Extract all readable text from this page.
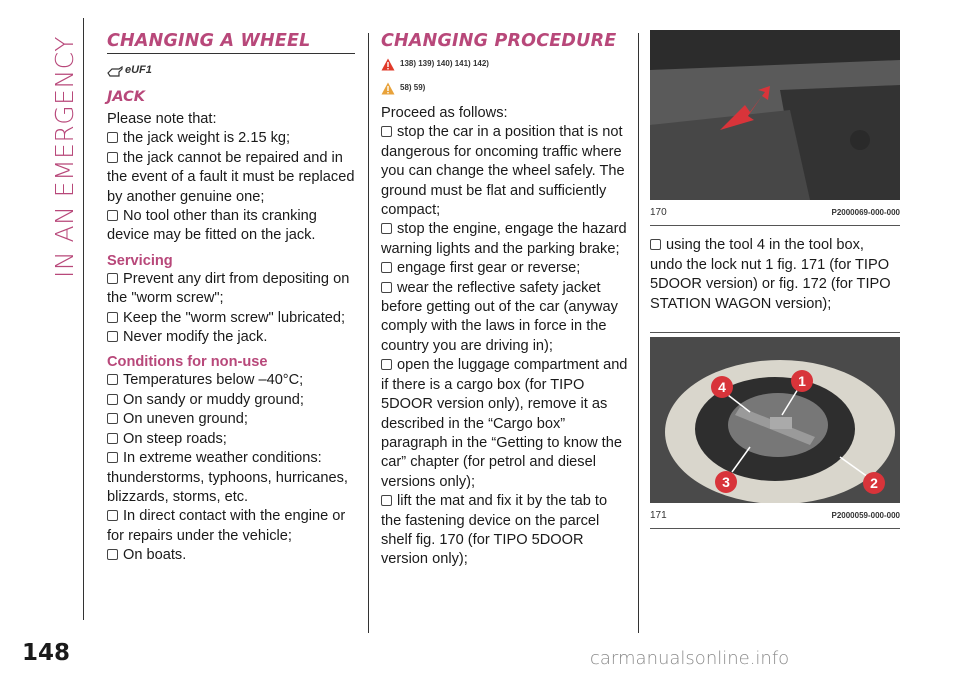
IN AN EMERGENCY
148
CHANGING A WHEEL
eUF1
JACK

Please note that:

the jack weight is 2.15 kg;

the jack cannot be repaired and in the event of a fault it must be replaced by another genuine one;

No tool other than its cranking device may be fitted on the jack.

Servicing

Prevent any dirt from depositing on the "worm screw";

Keep the "worm screw" lubricated;

Never modify the jack.

Conditions for non-use

Temperatures below –40°C;

On sandy or muddy ground;

On uneven ground;

On steep roads;

In extreme weather conditions: thunderstorms, typhoons, hurricanes, blizzards, storms, etc.

In direct contact with the engine or for repairs under the vehicle;

On boats.

CHANGING PROCEDURE
138) 139) 140) 141) 142)
58) 59)

Proceed as follows:

stop the car in a position that is not dangerous for oncoming traffic where you can change the wheel safely. The ground must be flat and sufficiently compact;

stop the engine, engage the hazard warning lights and the parking brake;

engage first gear or reverse;

wear the reflective safety jacket before getting out of the car (anyway comply with the laws in force in the country you are driving in);

open the luggage compartment and if there is a cargo box (for TIPO 5DOOR version only), remove it as described in the “Cargo box” paragraph in the “Getting to know the car” chapter (for petrol and diesel versions only);

lift the mat and fix it by the tab to the fastening device on the parcel shelf fig. 170 (for TIPO 5DOOR version only);

170	P2000069-000-000

using the tool 4 in the tool box, undo the lock nut 1 fig. 171 (for TIPO 5DOOR version) or fig. 172 (for TIPO STATION WAGON version);

1
2
3
4
171	P2000059-000-000
carmanualsonline.info
